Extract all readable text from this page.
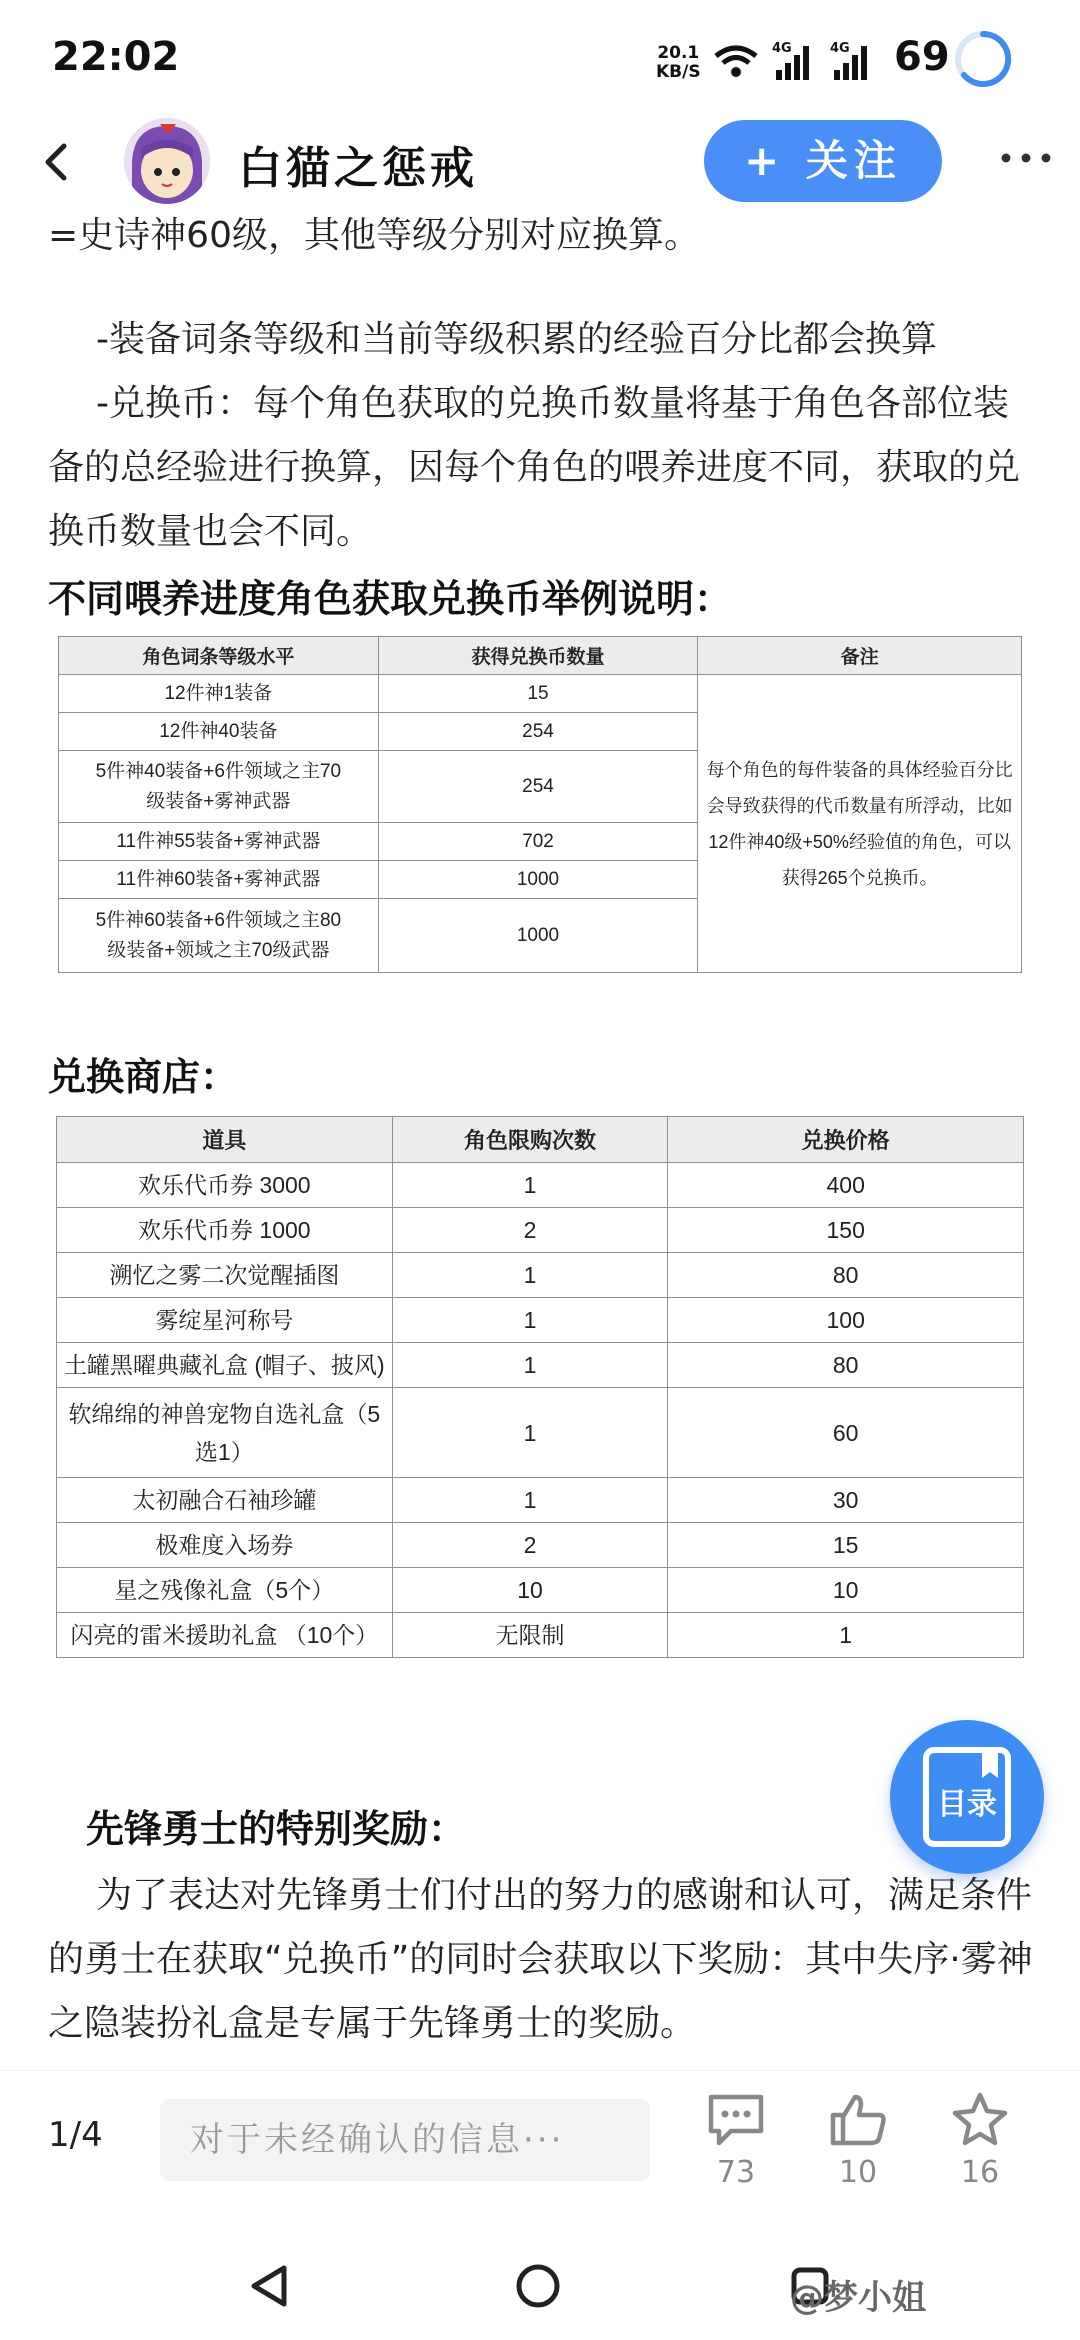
22:02	20.1
KB/S
4G	4G 69
白猫之惩戒	+ 关注

=史诗神60级，其他等级分别对应换算。
-装备词条等级和当前等级积累的经验百分比都会换算
-兑换币：每个角色获取的兑换币数量将基于角色各部位装备的总经验进行换算，因每个角色的喂养进度不同，获取的兑换币数量也会不同。
不同喂养进度角色获取兑换币举例说明：
角色词条等级水平	获得兑换币数量	备注
12件神1装备	15	每个角色的每件装备的具体经验百分比会导致获得的代币数量有所浮动，比如12件神40级+50%经验值的角色，可以获得265个兑换币。
12件神40装备	254	
5件神40装备+6件领域之主70级装备+雾神武器	254	
11件神55装备+雾神武器	702	
11件神60装备+雾神武器	1000	
5件神60装备+6件领域之主80级装备+领域之主70级武器	1000	
兑换商店：
道具	角色限购次数	兑换价格
欢乐代币券 3000	1	400
欢乐代币券 1000	2	150
溯忆之雾二次觉醒插图	1	80
雾绽星河称号	1	100
土罐黑曜典藏礼盒 (帽子、披风)	1	80
软绵绵的神兽宠物自选礼盒（5选1）	1	60
太初融合石袖珍罐	1	30
极难度入场券	2	15
星之残像礼盒（5个）	10	10
闪亮的雷米援助礼盒 （10个）	无限制	1
先锋勇士的特别奖励：
为了表达对先锋勇士们付出的努力的感谢和认可，满足条件的勇士在获取“兑换币”的同时会获取以下奖励：其中失序·雾神之隐装扮礼盒是专属于先锋勇士的奖励。
目录
1/4	对于未经确认的信息···
73	10	16
@梦小姐
